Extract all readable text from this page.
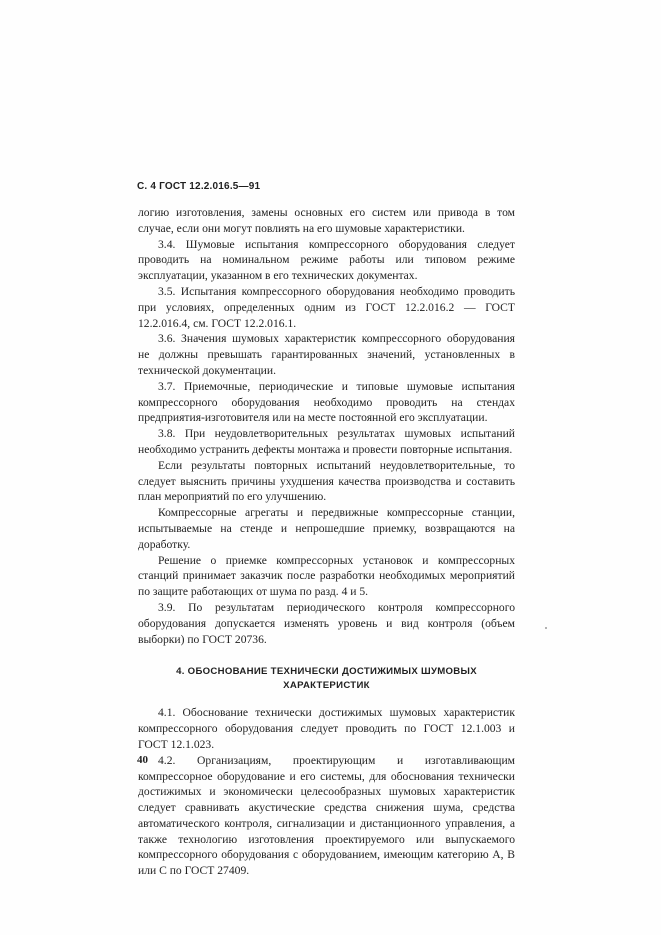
С. 4 ГОСТ 12.2.016.5—91

логию изготовления, замены основных его систем или привода в том случае, если они могут повлиять на его шумовые характеристики.

3.4. Шумовые испытания компрессорного оборудования следует проводить на номинальном режиме работы или типовом режиме эксплуатации, указанном в его технических документах.

3.5. Испытания компрессорного оборудования необходимо проводить при условиях, определенных одним из ГОСТ 12.2.016.2 — ГОСТ 12.2.016.4, см. ГОСТ 12.2.016.1.

3.6. Значения шумовых характеристик компрессорного оборудования не должны превышать гарантированных значений, установленных в технической документации.

3.7. Приемочные, периодические и типовые шумовые испытания компрессорного оборудования необходимо проводить на стендах предприятия-изготовителя или на месте постоянной его эксплуатации.

3.8. При неудовлетворительных результатах шумовых испытаний необходимо устранить дефекты монтажа и провести повторные испытания.

Если результаты повторных испытаний неудовлетворительные, то следует выяснить причины ухудшения качества производства и составить план мероприятий по его улучшению.

Компрессорные агрегаты и передвижные компрессорные станции, испытываемые на стенде и непрошедшие приемку, возвращаются на доработку.

Решение о приемке компрессорных установок и компрессорных станций принимает заказчик после разработки необходимых мероприятий по защите работающих от шума по разд. 4 и 5.

3.9. По результатам периодического контроля компрессорного оборудования допускается изменять уровень и вид контроля (объем выборки) по ГОСТ 20736.

4. ОБОСНОВАНИЕ ТЕХНИЧЕСКИ ДОСТИЖИМЫХ ШУМОВЫХ ХАРАКТЕРИСТИК

4.1. Обоснование технически достижимых шумовых характеристик компрессорного оборудования следует проводить по ГОСТ 12.1.003 и ГОСТ 12.1.023.

4.2. Организациям, проектирующим и изготавливающим компрессорное оборудование и его системы, для обоснования технически достижимых и экономически целесообразных шумовых характеристик следует сравнивать акустические средства снижения шума, средства автоматического контроля, сигнализации и дистанционного управления, а также технологию изготовления проектируемого или выпускаемого компрессорного оборудования с оборудованием, имеющим категорию А, В или С по ГОСТ 27409.

40
